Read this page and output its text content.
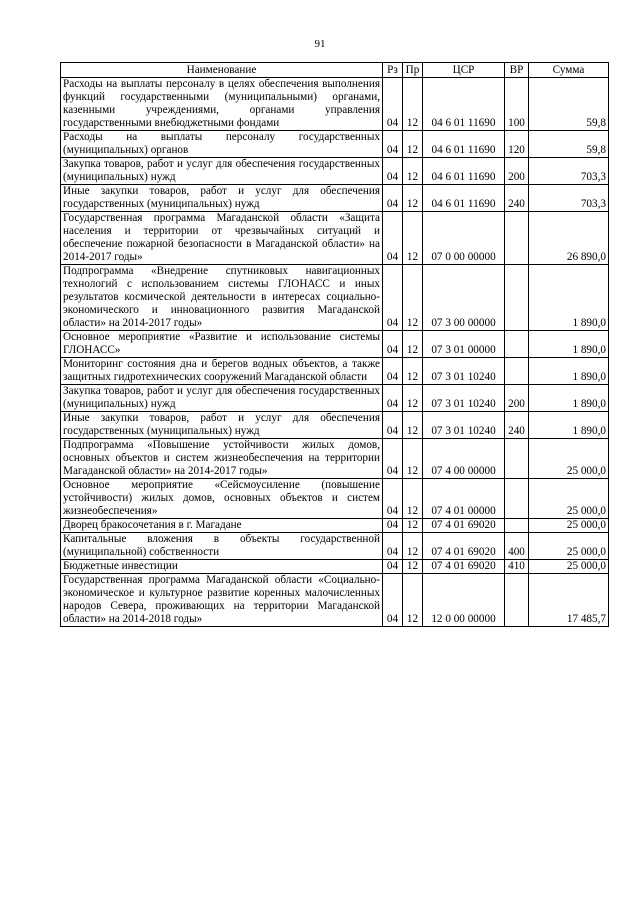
91
Наименование	Рз	Пр	ЦСР	ВР	Сумма
Расходы на выплаты персоналу в целях обеспечения выполнения функций государственными (муниципальными) органами, казенными учреждениями, органами управления государственными внебюджетными фондами	04	12	04 6 01 11690	100	59,8
Расходы на выплаты персоналу государственных (муниципальных) органов	04	12	04 6 01 11690	120	59,8
Закупка товаров, работ и услуг для обеспечения государственных (муниципальных) нужд	04	12	04 6 01 11690	200	703,3
Иные закупки товаров, работ и услуг для обеспечения государственных (муниципальных) нужд	04	12	04 6 01 11690	240	703,3
Государственная программа Магаданской области «Защита населения и территории от чрезвычайных ситуаций и обеспечение пожарной безопасности в Магаданской области» на 2014-2017 годы»	04	12	07 0 00 00000		26 890,0
Подпрограмма «Внедрение спутниковых навигационных технологий с использованием системы ГЛОНАСС и иных результатов космической деятельности в интересах социально-экономического и инновационного развития Магаданской области» на 2014-2017 годы»	04	12	07 3 00 00000		1 890,0
Основное мероприятие «Развитие и использование системы ГЛОНАСС»	04	12	07 3 01 00000		1 890,0
Мониторинг состояния дна и берегов водных объектов, а также защитных гидротехнических сооружений Магаданской области	04	12	07 3 01 10240		1 890,0
Закупка товаров, работ и услуг для обеспечения государственных (муниципальных) нужд	04	12	07 3 01 10240	200	1 890,0
Иные закупки товаров, работ и услуг для обеспечения государственных (муниципальных) нужд	04	12	07 3 01 10240	240	1 890,0
Подпрограмма «Повышение устойчивости жилых домов, основных объектов и систем жизнеобеспечения на территории Магаданской области» на 2014-2017 годы»	04	12	07 4 00 00000		25 000,0
Основное мероприятие «Сейсмоусиление (повышение устойчивости) жилых домов, основных объектов и систем жизнеобеспечения»	04	12	07 4 01 00000		25 000,0
Дворец бракосочетания в г. Магадане	04	12	07 4 01 69020		25 000,0
Капитальные вложения в объекты государственной (муниципальной) собственности	04	12	07 4 01 69020	400	25 000,0
Бюджетные инвестиции	04	12	07 4 01 69020	410	25 000,0
Государственная программа Магаданской области «Социально-экономическое и культурное развитие коренных малочисленных народов Севера, проживающих на территории Магаданской области» на 2014-2018 годы»	04	12	12 0 00 00000		17 485,7
